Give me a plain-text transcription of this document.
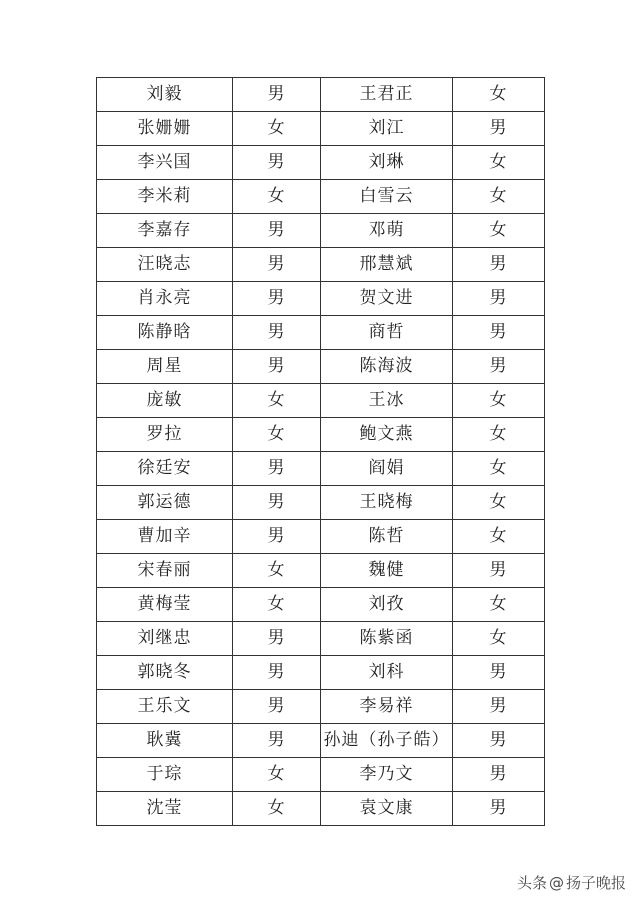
刘毅	男	王君正	女
张姗姗	女	刘江	男
李兴国	男	刘琳	女
李米莉	女	白雪云	女
李嘉存	男	邓萌	女
汪晓志	男	邢慧斌	男
肖永亮	男	贺文进	男
陈静晗	男	商哲	男
周星	男	陈海波	男
庞敏	女	王冰	女
罗拉	女	鲍文燕	女
徐廷安	男	阎娟	女
郭运德	男	王晓梅	女
曹加辛	男	陈哲	女
宋春丽	女	魏健	男
黄梅莹	女	刘孜	女
刘继忠	男	陈紫函	女
郭晓冬	男	刘科	男
王乐文	男	李易祥	男
耿冀	男	孙迪（孙子皓）	男
于琮	女	李乃文	男
沈莹	女	袁文康	男
头条 @ 扬子晚报
